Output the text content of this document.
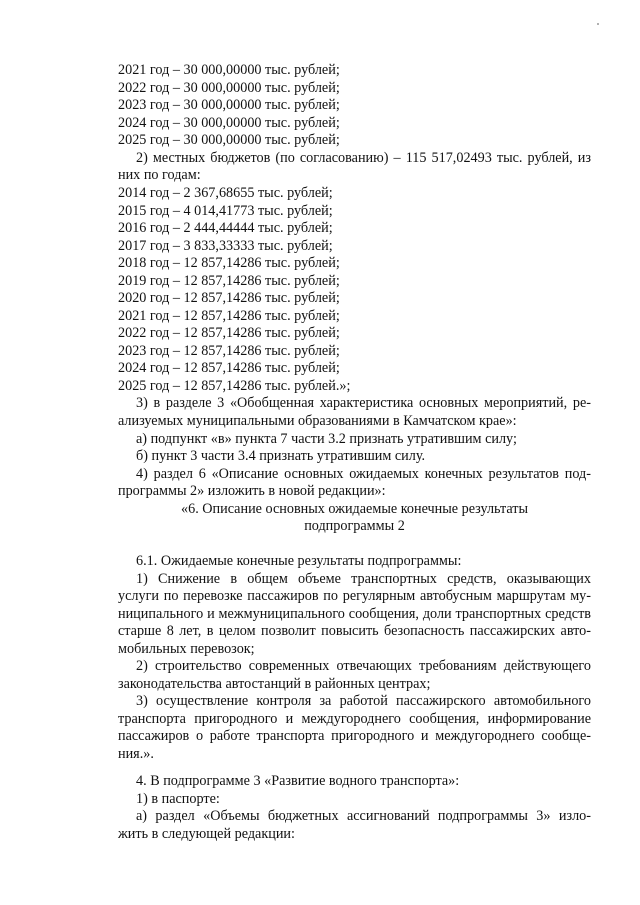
2021 год – 30 000,00000 тыс. рублей;

2022 год – 30 000,00000 тыс. рублей;

2023 год – 30 000,00000 тыс. рублей;

2024 год – 30 000,00000 тыс. рублей;

2025 год – 30 000,00000 тыс. рублей;

2) местных бюджетов (по согласованию) – 115 517,02493 тыс. рублей, из

них по годам:

2014 год – 2 367,68655 тыс. рублей;

2015 год – 4 014,41773 тыс. рублей;

2016 год – 2 444,44444 тыс. рублей;

2017 год – 3 833,33333 тыс. рублей;

2018 год – 12 857,14286 тыс. рублей;

2019 год – 12 857,14286 тыс. рублей;

2020 год – 12 857,14286 тыс. рублей;

2021 год – 12 857,14286 тыс. рублей;

2022 год – 12 857,14286 тыс. рублей;

2023 год – 12 857,14286 тыс. рублей;

2024 год – 12 857,14286 тыс. рублей;

2025 год – 12 857,14286 тыс. рублей.»;

3) в разделе 3 «Обобщенная характеристика основных мероприятий, ре-

ализуемых муниципальными образованиями в Камчатском крае»:

а) подпункт «в» пункта 7 части 3.2 признать утратившим силу;

б) пункт 3 части 3.4 признать утратившим силу.

4) раздел 6 «Описание основных ожидаемых конечных результатов под-

программы 2» изложить в новой редакции»:

«6. Описание основных ожидаемые конечные результаты

подпрограммы 2

6.1. Ожидаемые конечные результаты подпрограммы:

1) Снижение в общем объеме транспортных средств, оказывающих

услуги по перевозке пассажиров по регулярным автобусным маршрутам му-

ниципального и межмуниципального сообщения, доли транспортных средств

старше 8 лет, в целом позволит повысить безопасность пассажирских авто-

мобильных перевозок;

2) строительство современных отвечающих требованиям действующего

законодательства автостанций в районных центрах;

3) осуществление контроля за работой пассажирского автомобильного

транспорта пригородного и междугороднего сообщения, информирование

пассажиров о работе транспорта пригородного и междугороднего сообще-

ния.».

4. В подпрограмме 3 «Развитие водного транспорта»:

1) в паспорте:

а) раздел «Объемы бюджетных ассигнований подпрограммы 3» изло-

жить в следующей редакции:
